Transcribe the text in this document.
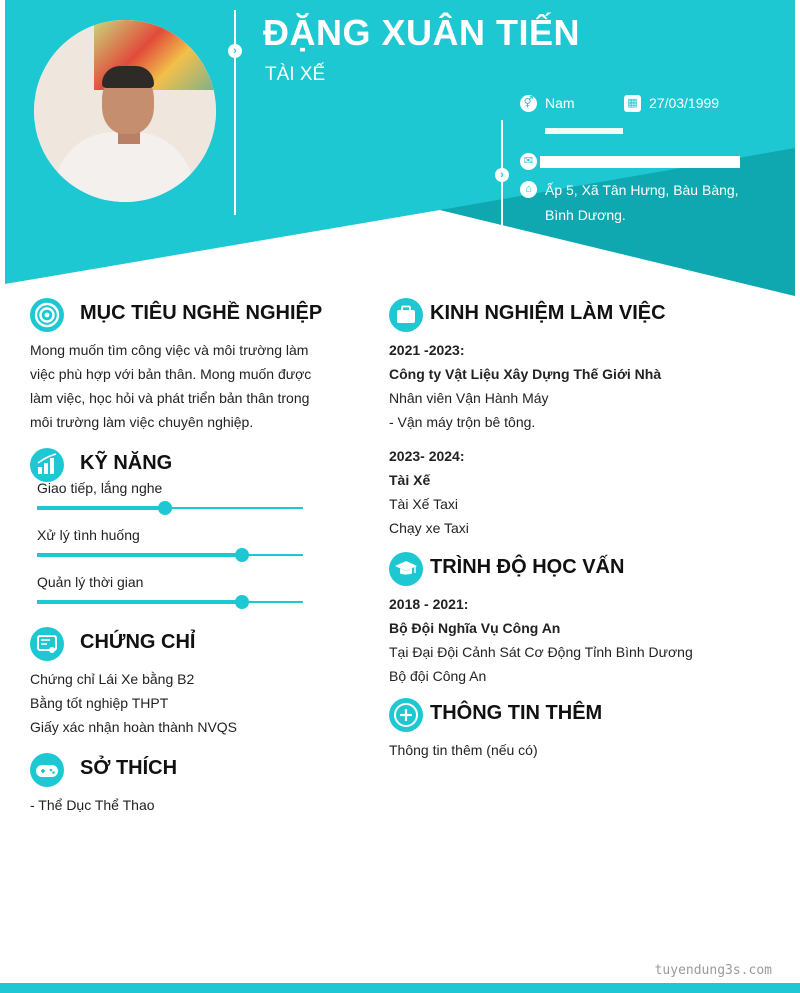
› ĐẶNG XUÂN TIẾN
TÀI XẾ
›
⚥ Nam	▦ 27/03/1999
✉
⌂ Ấp 5, Xã Tân Hưng, Bàu Bàng, Bình Dương.
MỤC TIÊU NGHỀ NGHIỆP
Mong muốn tìm công việc và môi trường làm
việc phù hợp với bản thân. Mong muốn được
làm việc, học hỏi và phát triển bản thân trong
môi trường làm việc chuyên nghiệp.
KỸ NĂNG
Giao tiếp, lắng nghe
Xử lý tình huống
Quản lý thời gian
CHỨNG CHỈ
Chứng chỉ Lái Xe bằng B2
Bằng tốt nghiệp THPT
Giấy xác nhận hoàn thành NVQS
SỞ THÍCH
- Thể Dục Thể Thao
KINH NGHIỆM LÀM VIỆC
2021 -2023:
Công ty Vật Liệu Xây Dựng Thế Giới Nhà
Nhân viên Vận Hành Máy
- Vận máy trộn bê tông.
2023- 2024:
Tài Xế
Tài Xế Taxi
Chạy xe Taxi
TRÌNH ĐỘ HỌC VẤN
2018 - 2021:
Bộ Đội Nghĩa Vụ Công An
Tại Đại Đội Cảnh Sát Cơ Động Tỉnh Bình Dương
Bộ đội Công An
THÔNG TIN THÊM
Thông tin thêm (nếu có)
tuyendung3s.com
